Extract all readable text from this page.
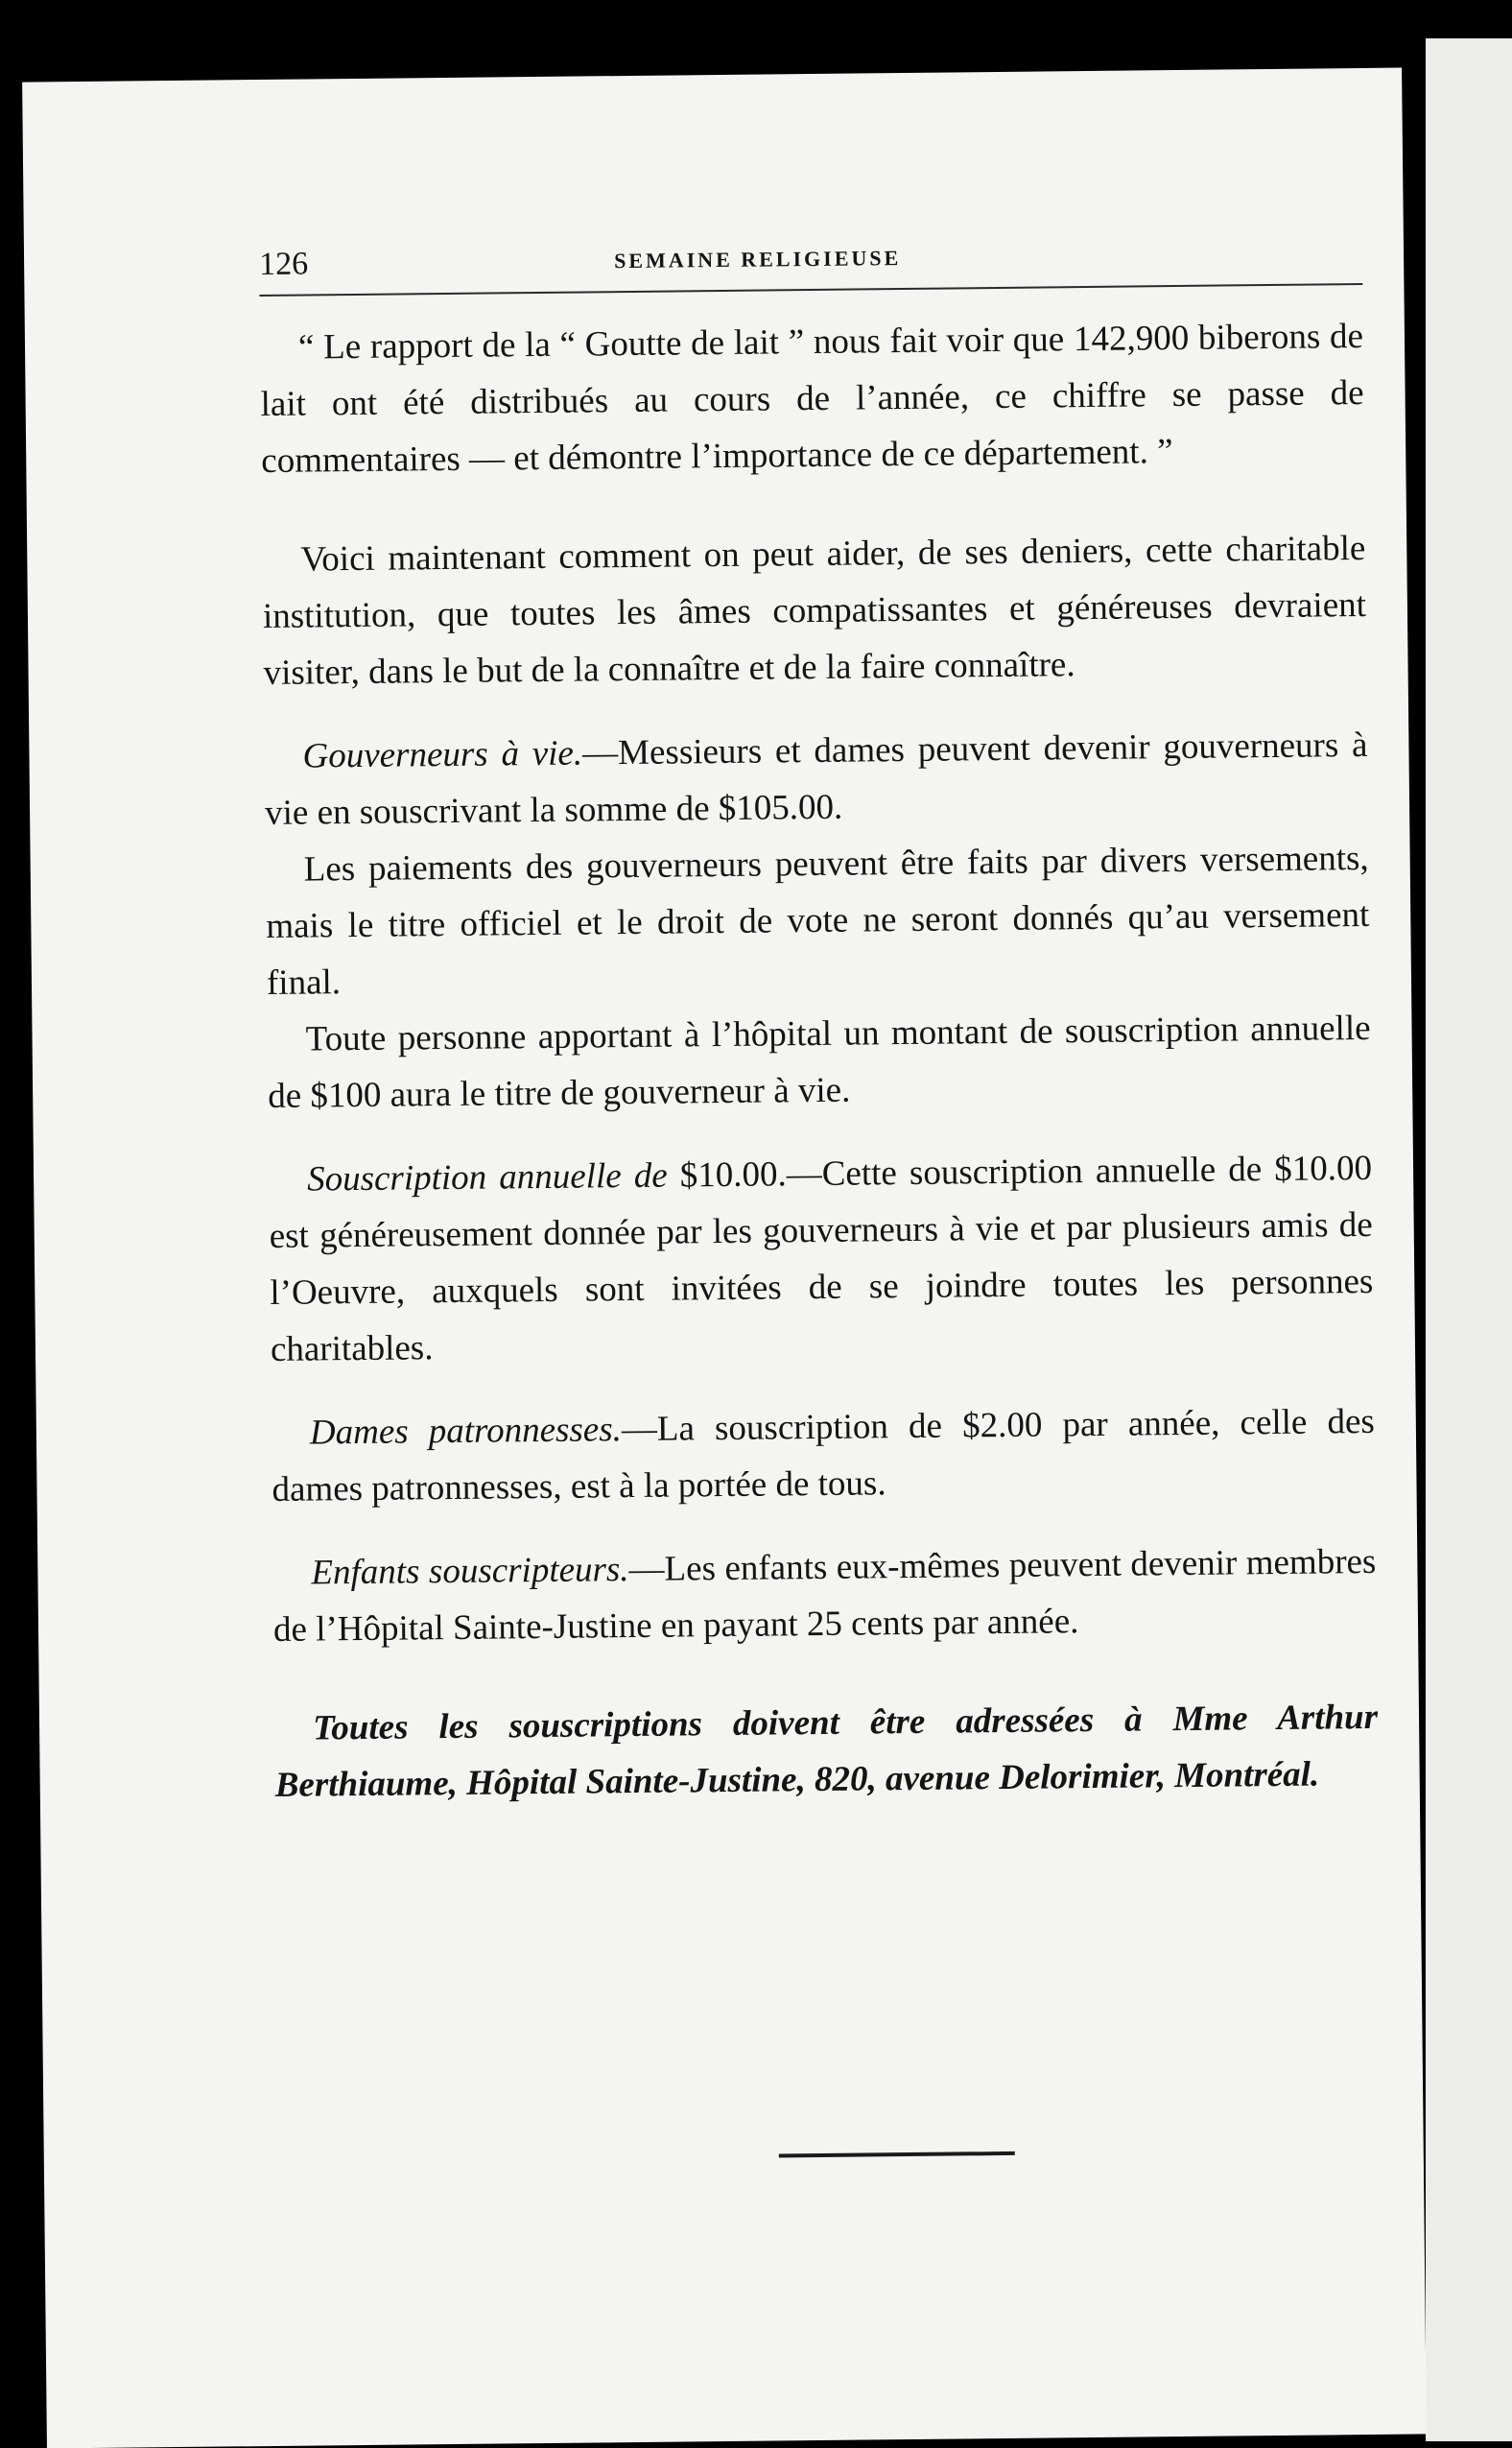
126	SEMAINE RELIGIEUSE

“ Le rapport de la “ Goutte de lait ” nous fait voir que 142,900 biberons de lait ont été distribués au cours de l’année, ce chiffre se passe de commentaires — et démontre l’importance de ce département. ”

Voici maintenant comment on peut aider, de ses deniers, cette charitable institution, que toutes les âmes compatissantes et généreuses devraient visiter, dans le but de la connaître et de la faire connaître.

Gouverneurs à vie.—Messieurs et dames peuvent devenir gouverneurs à vie en souscrivant la somme de $105.00.

Les paiements des gouverneurs peuvent être faits par divers versements, mais le titre officiel et le droit de vote ne seront donnés qu’au versement final.

Toute personne apportant à l’hôpital un montant de souscription annuelle de $100 aura le titre de gouverneur à vie.

Souscription annuelle de $10.00.—Cette souscription annuelle de $10.00 est généreusement donnée par les gouverneurs à vie et par plusieurs amis de l’Oeuvre, auxquels sont invitées de se joindre toutes les personnes charitables.

Dames patronnesses.—La souscription de $2.00 par année, celle des dames patronnesses, est à la portée de tous.

Enfants souscripteurs.—Les enfants eux-mêmes peuvent devenir membres de l’Hôpital Sainte-Justine en payant 25 cents par année.

Toutes les souscriptions doivent être adressées à Mme Arthur Berthiaume, Hôpital Sainte-Justine, 820, avenue Delorimier, Montréal.
